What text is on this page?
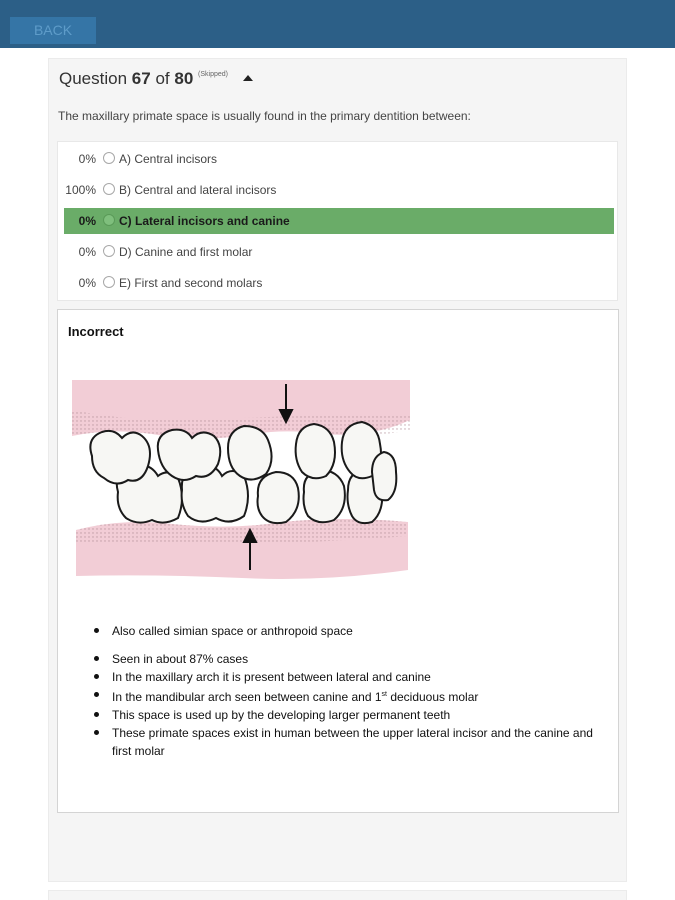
BACK
Question 67 of 80 $^{(Skipped)}$
The maxillary primate space is usually found in the primary dentition between:
0% A) Central incisors
100% B) Central and lateral incisors
0% C) Lateral incisors and canine
0% D) Canine and first molar
0% E) First and second molars
Incorrect
Also called simian space or anthropoid space
Seen in about 87% cases
In the maxillary arch it is present between lateral and canine
In the mandibular arch seen between canine and 1st deciduous molar
This space is used up by the developing larger permanent teeth
These primate spaces exist in human between the upper lateral incisor and the canine and first molar
